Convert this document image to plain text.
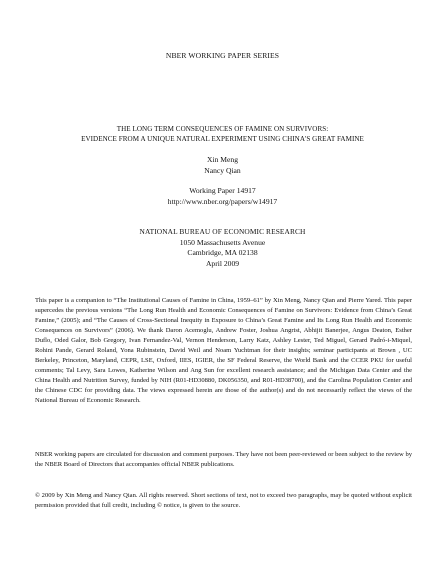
NBER WORKING PAPER SERIES
THE LONG TERM CONSEQUENCES OF FAMINE ON SURVIVORS:
EVIDENCE FROM A UNIQUE NATURAL EXPERIMENT USING CHINA'S GREAT FAMINE
Xin Meng
Nancy Qian
Working Paper 14917
http://www.nber.org/papers/w14917
NATIONAL BUREAU OF ECONOMIC RESEARCH
1050 Massachusetts Avenue
Cambridge, MA 02138
April 2009

This paper is a companion to “The Institutional Causes of Famine in China, 1959–61” by Xin Meng, Nancy Qian and Pierre Yared. This paper supercedes the previous versions “The Long Run Health and Economic Consequences of Famine on Survivors: Evidence from China’s Great Famine,” (2005); and “The Causes of Cross-Sectional Inequity in Exposure to China’s Great Famine and Its Long Run Health and Economic Consequences on Survivors” (2006). We thank Daron Acemoglu, Andrew Foster, Joshua Angrist, Abhijit Banerjee, Angus Deaton, Esther Duflo, Oded Galor, Bob Gregory, Ivan Fernandez-Val, Vernon Henderson, Larry Katz, Ashley Lester, Ted Miguel, Gerard Padró-i-Miquel, Rohini Pande, Gerard Roland, Yona Rubinstein, David Weil and Noam Yuchtman for their insights; seminar participants at Brown , UC Berkeley, Princeton, Maryland, CEPR, LSE, Oxford, IIES, IGIER, the SF Federal Reserve, the World Bank and the CCER PKU for useful comments; Tal Levy, Sara Lowes, Katherine Wilson and Ang Sun for excellent research assistance; and the Michigan Data Center and the China Health and Nutrition Survey, funded by NIH (R01-HD30880, DK056350, and R01-HD38700), and the Carolina Population Center and the Chinese CDC for providing data. The views expressed herein are those of the author(s) and do not necessarily reflect the views of the National Bureau of Economic Research.

NBER working papers are circulated for discussion and comment purposes. They have not been peer-reviewed or been subject to the review by the NBER Board of Directors that accompanies official NBER publications.

© 2009 by Xin Meng and Nancy Qian. All rights reserved. Short sections of text, not to exceed two paragraphs, may be quoted without explicit permission provided that full credit, including © notice, is given to the source.
